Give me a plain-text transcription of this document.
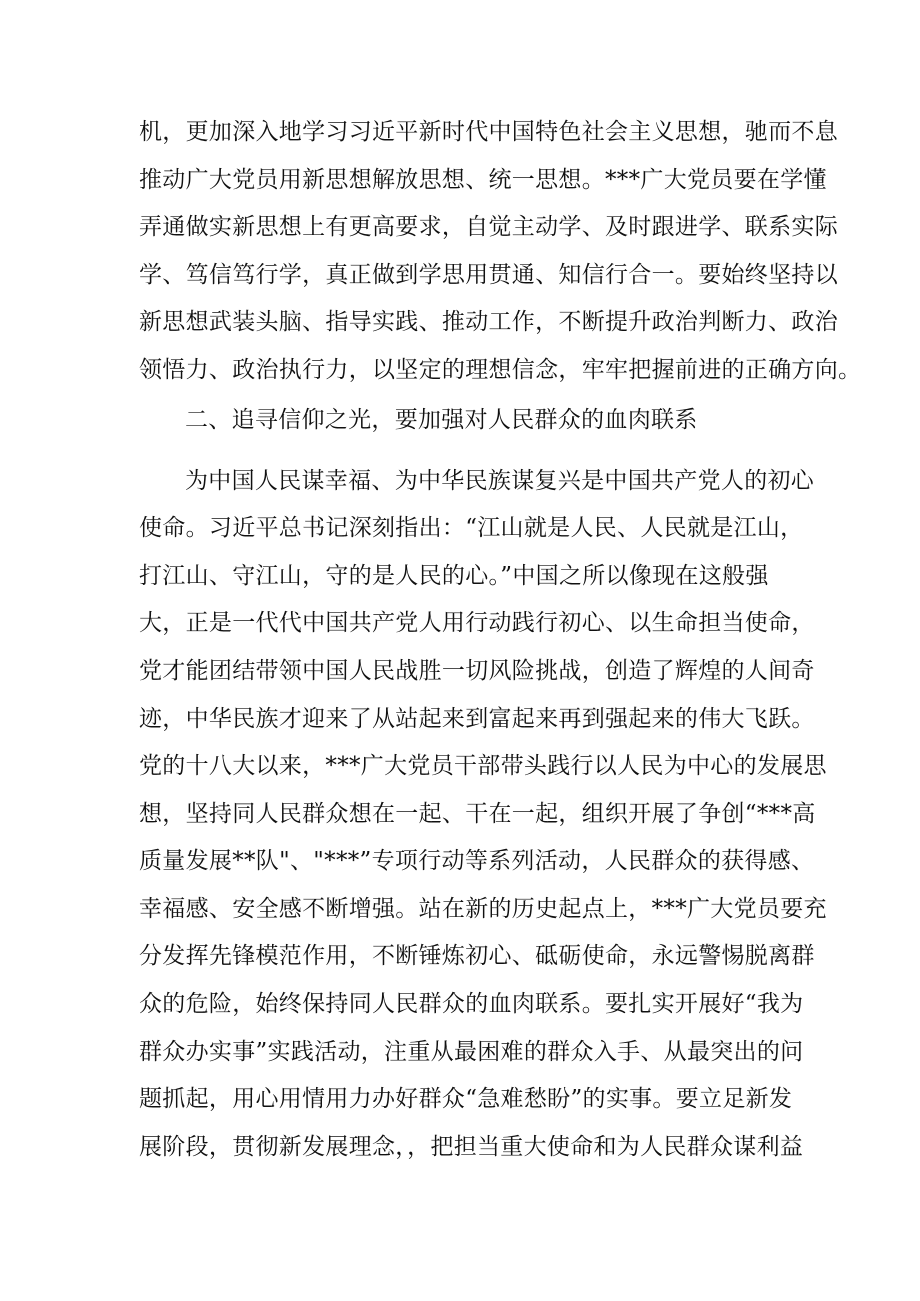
机，更加深入地学习习近平新时代中国特色社会主义思想，驰而不息
推动广大党员用新思想解放思想、统一思想。***广大党员要在学懂
弄通做实新思想上有更高要求，自觉主动学、及时跟进学、联系实际
学、笃信笃行学，真正做到学思用贯通、知信行合一。要始终坚持以
新思想武装头脑、指导实践、推动工作，不断提升政治判断力、政治
领悟力、政治执行力，以坚定的理想信念，牢牢把握前进的正确方向。
二、追寻信仰之光，要加强对人民群众的血肉联系
为中国人民谋幸福、为中华民族谋复兴是中国共产党人的初心
使命。习近平总书记深刻指出：“江山就是人民、人民就是江山，
打江山、守江山，守的是人民的心。”中国之所以像现在这般强
大，正是一代代中国共产党人用行动践行初心、以生命担当使命，
党才能团结带领中国人民战胜一切风险挑战，创造了辉煌的人间奇
迹，中华民族才迎来了从站起来到富起来再到强起来的伟大飞跃。
党的十八大以来，***广大党员干部带头践行以人民为中心的发展思
想，坚持同人民群众想在一起、干在一起，组织开展了争创“***高
质量发展**队"、"***”专项行动等系列活动，人民群众的获得感、
幸福感、安全感不断增强。站在新的历史起点上，***广大党员要充
分发挥先锋模范作用，不断锤炼初心、砥砺使命，永远警惕脱离群
众的危险，始终保持同人民群众的血肉联系。要扎实开展好“我为
群众办实事”实践活动，注重从最困难的群众入手、从最突出的问
题抓起，用心用情用力办好群众“急难愁盼”的实事。要立足新发
展阶段，贯彻新发展理念，，把担当重大使命和为人民群众谋利益
